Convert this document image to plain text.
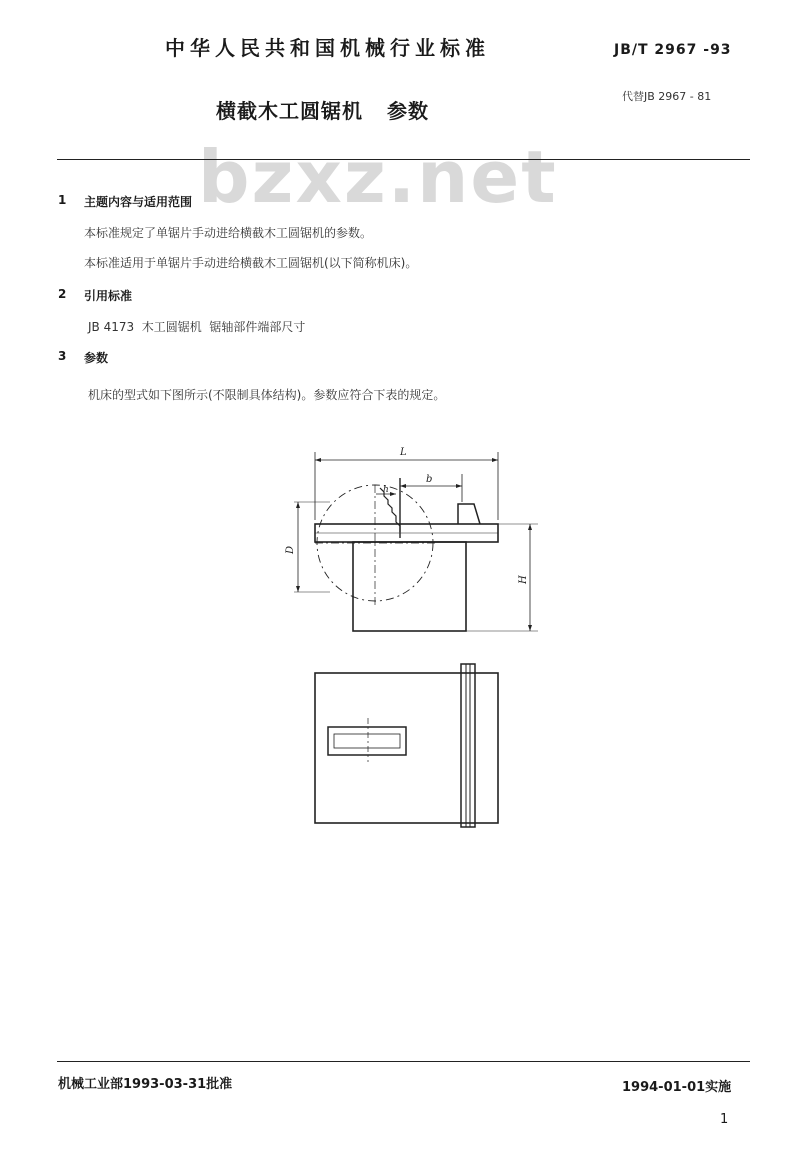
bzxz.net
中华人民共和国机械行业标准	JB/T 2967 -93
横截木工圆锯机 参数
代替JB 2967 - 81
1 主题内容与适用范围
本标准规定了单锯片手动进给横截木工圆锯机的参数。
本标准适用于单锯片手动进给横截木工圆锯机(以下简称机床)。
2 引用标准
JB 4173  木工圆锯机  锯轴部件端部尺寸
3 参数
机床的型式如下图所示(不限制具体结构)。参数应符合下表的规定。
L
b
h
D
H
机械工业部1993-03-31批准	1994-01-01实施
1
